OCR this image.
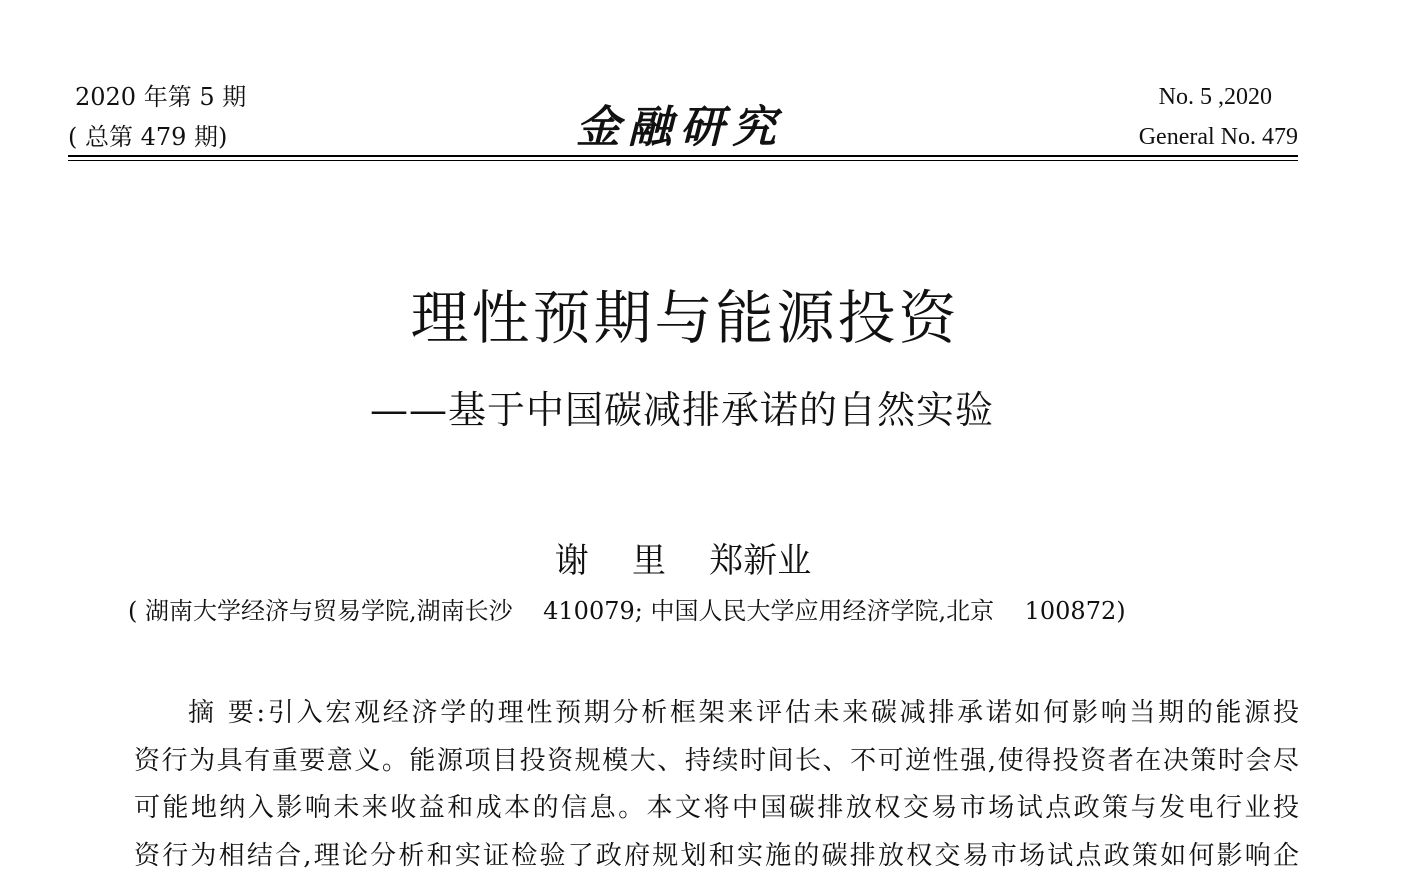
2020 年第 5 期
( 总第 479 期)	金融研究
No. 5 ,2020
General No. 479
理性预期与能源投资
——基于中国碳减排承诺的自然实验
谢    里    郑新业
( 湖南大学经济与贸易学院,湖南长沙    410079; 中国人民大学应用经济学院,北京    100872)
摘 要:引入宏观经济学的理性预期分析框架来评估未来碳减排承诺如何影响当期的能源投
资行为具有重要意义。能源项目投资规模大、持续时间长、不可逆性强,使得投资者在决策时会尽
可能地纳入影响未来收益和成本的信息。本文将中国碳排放权交易市场试点政策与发电行业投
资行为相结合,理论分析和实证检验了政府规划和实施的碳排放权交易市场试点政策如何影响企
